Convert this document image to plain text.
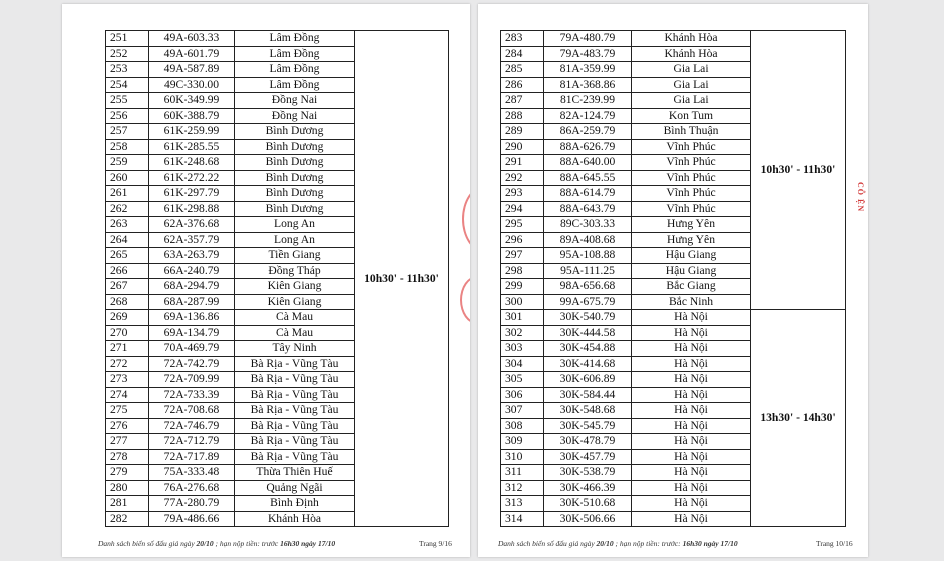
251	49A-603.33	Lâm Đồng	10h30' - 11h30'
252	49A-601.79	Lâm Đồng	
253	49A-587.89	Lâm Đồng	
254	49C-330.00	Lâm Đồng	
255	60K-349.99	Đồng Nai	
256	60K-388.79	Đồng Nai	
257	61K-259.99	Bình Dương	
258	61K-285.55	Bình Dương	
259	61K-248.68	Bình Dương	
260	61K-272.22	Bình Dương	
261	61K-297.79	Bình Dương	
262	61K-298.88	Bình Dương	
263	62A-376.68	Long An	
264	62A-357.79	Long An	
265	63A-263.79	Tiền Giang	
266	66A-240.79	Đồng Tháp	
267	68A-294.79	Kiên Giang	
268	68A-287.99	Kiên Giang	
269	69A-136.86	Cà Mau	
270	69A-134.79	Cà Mau	
271	70A-469.79	Tây Ninh	
272	72A-742.79	Bà Rịa - Vũng Tàu	
273	72A-709.99	Bà Rịa - Vũng Tàu	
274	72A-733.39	Bà Rịa - Vũng Tàu	
275	72A-708.68	Bà Rịa - Vũng Tàu	
276	72A-746.79	Bà Rịa - Vũng Tàu	
277	72A-712.79	Bà Rịa - Vũng Tàu	
278	72A-717.89	Bà Rịa - Vũng Tàu	
279	75A-333.48	Thừa Thiên Huế	
280	76A-276.68	Quảng Ngãi	
281	77A-280.79	Bình Định	
282	79A-486.66	Khánh Hòa	
Danh sách biển số đấu giá ngày 20/10 ; hạn nộp tiền: trước 16h30 ngày 17/10	Trang 9/16
283	79A-480.79	Khánh Hòa	10h30' - 11h30'
284	79A-483.79	Khánh Hòa	
285	81A-359.99	Gia Lai	
286	81A-368.86	Gia Lai	
287	81C-239.99	Gia Lai	
288	82A-124.79	Kon Tum	
289	86A-259.79	Bình Thuận	
290	88A-626.79	Vĩnh Phúc	
291	88A-640.00	Vĩnh Phúc	
292	88A-645.55	Vĩnh Phúc	
293	88A-614.79	Vĩnh Phúc	
294	88A-643.79	Vĩnh Phúc	
295	89C-303.33	Hưng Yên	
296	89A-408.68	Hưng Yên	
297	95A-108.88	Hậu Giang	
298	95A-111.25	Hậu Giang	
299	98A-656.68	Bắc Giang	
300	99A-675.79	Bắc Ninh	
301	30K-540.79	Hà Nội	13h30' - 14h30'
302	30K-444.58	Hà Nội	
303	30K-454.88	Hà Nội	
304	30K-414.68	Hà Nội	
305	30K-606.89	Hà Nội	
306	30K-584.44	Hà Nội	
307	30K-548.68	Hà Nội	
308	30K-545.79	Hà Nội	
309	30K-478.79	Hà Nội	
310	30K-457.79	Hà Nội	
311	30K-538.79	Hà Nội	
312	30K-466.39	Hà Nội	
313	30K-510.68	Hà Nội	
314	30K-506.66	Hà Nội	
CÔ ỆN
Danh sách biển số đấu giá ngày 20/10 ; hạn nộp tiền: trước: 16h30 ngày 17/10	Trang 10/16
